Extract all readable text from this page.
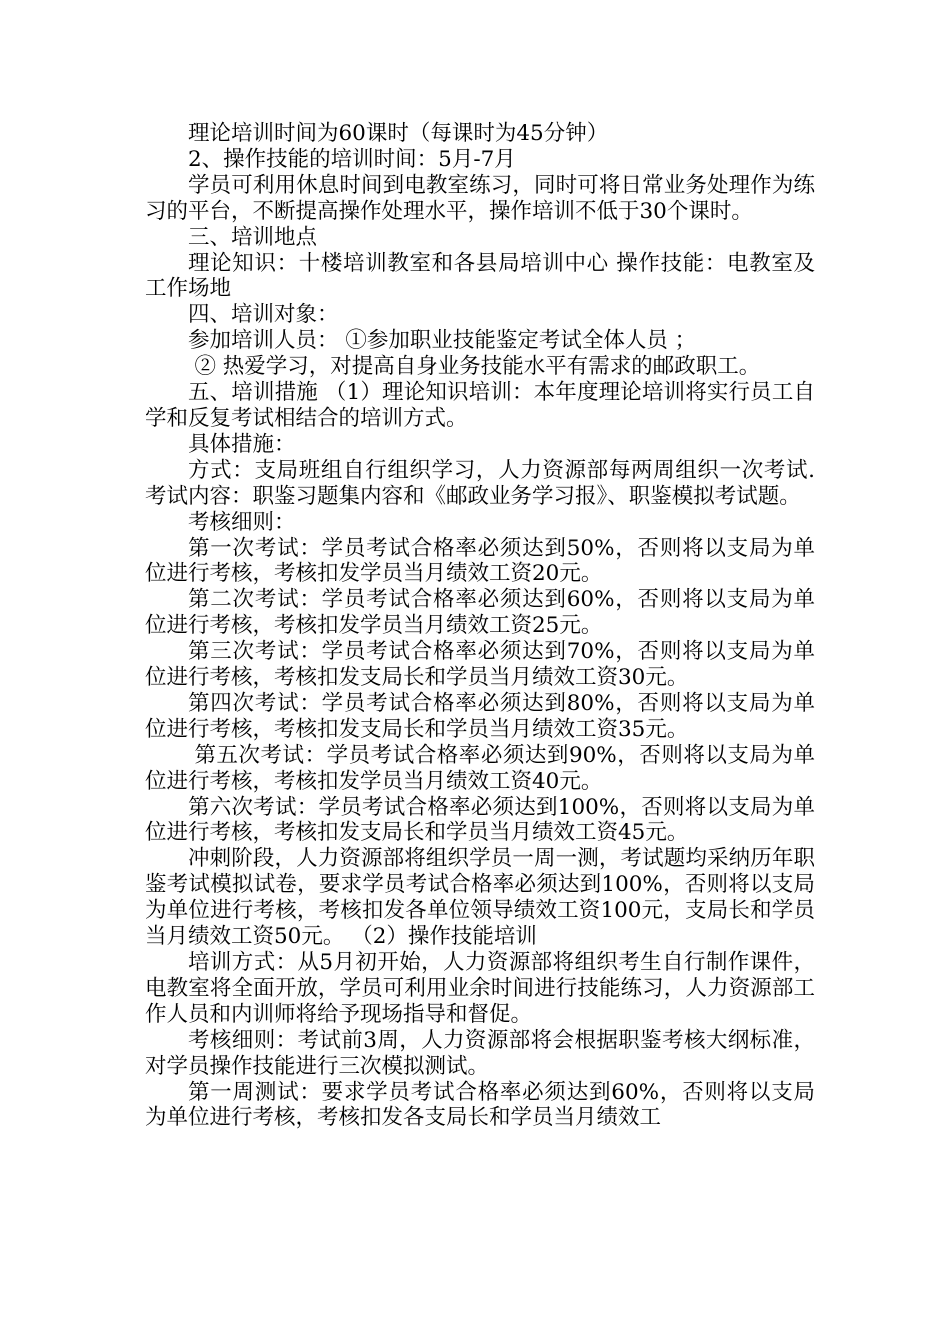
理论培训时间为60课时（每课时为45分钟）

2、操作技能的培训时间：5月-7月

学员可利用休息时间到电教室练习，同时可将日常业务处理作为练习的平台，不断提高操作处理水平，操作培训不低于30个课时。

三、培训地点

理论知识：十楼培训教室和各县局培训中心 操作技能：电教室及工作场地

四、培训对象：

参加培训人员： ①参加职业技能鉴定考试全体人员 ；

② 热爱学习，对提高自身业务技能水平有需求的邮政职工。

五、培训措施 （1）理论知识培训：本年度理论培训将实行员工自学和反复考试相结合的培训方式。

具体措施：

方式：支局班组自行组织学习，人力资源部每两周组织一次考试.考试内容：职鉴习题集内容和《邮政业务学习报》、职鉴模拟考试题。

考核细则：

第一次考试：学员考试合格率必须达到50%，否则将以支局为单位进行考核，考核扣发学员当月绩效工资20元。

第二次考试：学员考试合格率必须达到60%，否则将以支局为单位进行考核，考核扣发学员当月绩效工资25元。

第三次考试：学员考试合格率必须达到70%，否则将以支局为单位进行考核，考核扣发支局长和学员当月绩效工资30元。

第四次考试：学员考试合格率必须达到80%，否则将以支局为单位进行考核，考核扣发支局长和学员当月绩效工资35元。

第五次考试：学员考试合格率必须达到90%，否则将以支局为单位进行考核，考核扣发学员当月绩效工资40元。

第六次考试：学员考试合格率必须达到100%，否则将以支局为单位进行考核，考核扣发支局长和学员当月绩效工资45元。

冲刺阶段，人力资源部将组织学员一周一测，考试题均采纳历年职鉴考试模拟试卷，要求学员考试合格率必须达到100%，否则将以支局为单位进行考核，考核扣发各单位领导绩效工资100元，支局长和学员当月绩效工资50元。 （2）操作技能培训

培训方式：从5月初开始，人力资源部将组织考生自行制作课件，电教室将全面开放，学员可利用业余时间进行技能练习，人力资源部工作人员和内训师将给予现场指导和督促。

考核细则：考试前3周，人力资源部将会根据职鉴考核大纲标准，对学员操作技能进行三次模拟测试。

第一周测试：要求学员考试合格率必须达到60%，否则将以支局为单位进行考核，考核扣发各支局长和学员当月绩效工
